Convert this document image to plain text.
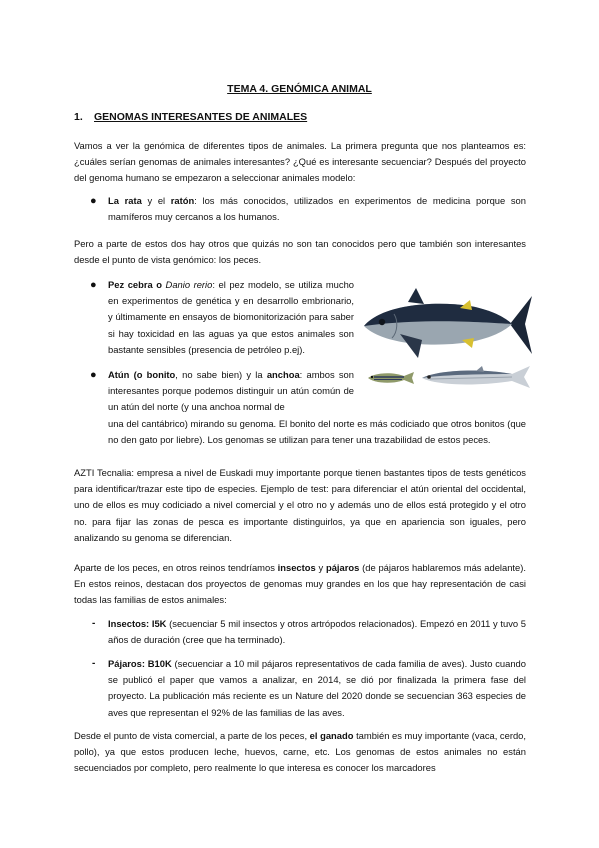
TEMA 4. GENÓMICA ANIMAL
1. GENOMAS INTERESANTES DE ANIMALES
Vamos a ver la genómica de diferentes tipos de animales. La primera pregunta que nos planteamos es: ¿cuáles serían genomas de animales interesantes? ¿Qué es interesante secuenciar? Después del proyecto del genoma humano se empezaron a seleccionar animales modelo:
● La rata y el ratón: los más conocidos, utilizados en experimentos de medicina porque son mamíferos muy cercanos a los humanos.
Pero a parte de estos dos hay otros que quizás no son tan conocidos pero que también son interesantes desde el punto de vista genómico: los peces.
● Pez cebra o Danio rerio: el pez modelo, se utiliza mucho en experimentos de genética y en desarrollo embrionario, y últimamente en ensayos de biomonitorización para saber si hay toxicidad en las aguas ya que estos animales son bastante sensibles (presencia de petróleo p.ej).
● Atún (o bonito, no sabe bien) y la anchoa: ambos son interesantes porque podemos distinguir un atún común de un atún del norte (y una anchoa normal de
una del cantábrico) mirando su genoma. El bonito del norte es más codiciado que otros bonitos (que no den gato por liebre). Los genomas se utilizan para tener una trazabilidad de estos peces.
AZTI Tecnalia: empresa a nivel de Euskadi muy importante porque tienen bastantes tipos de tests genéticos para identificar/trazar este tipo de especies. Ejemplo de test: para diferenciar el atún oriental del occidental, uno de ellos es muy codiciado a nivel comercial y el otro no y además uno de ellos está protegido y el otro no. para fijar las zonas de pesca es importante distinguirlos, ya que en apariencia son iguales, pero analizando su genoma se diferencian.
Aparte de los peces, en otros reinos tendríamos insectos y pájaros (de pájaros hablaremos más adelante). En estos reinos, destacan dos proyectos de genomas muy grandes en los que hay representación de casi todas las familias de estos animales:
- Insectos: I5K (secuenciar 5 mil insectos y otros artrópodos relacionados). Empezó en 2011 y tuvo 5 años de duración (cree que ha terminado).
- Pájaros: B10K (secuenciar a 10 mil pájaros representativos de cada familia de aves). Justo cuando se publicó el paper que vamos a analizar, en 2014, se dió por finalizada la primera fase del proyecto. La publicación más reciente es un Nature del 2020 donde se secuencian 363 especies de aves que representan el 92% de las familias de las aves.
Desde el punto de vista comercial, a parte de los peces, el ganado también es muy importante (vaca, cerdo, pollo), ya que estos producen leche, huevos, carne, etc. Los genomas de estos animales no están secuenciados por completo, pero realmente lo que interesa es conocer los marcadores
